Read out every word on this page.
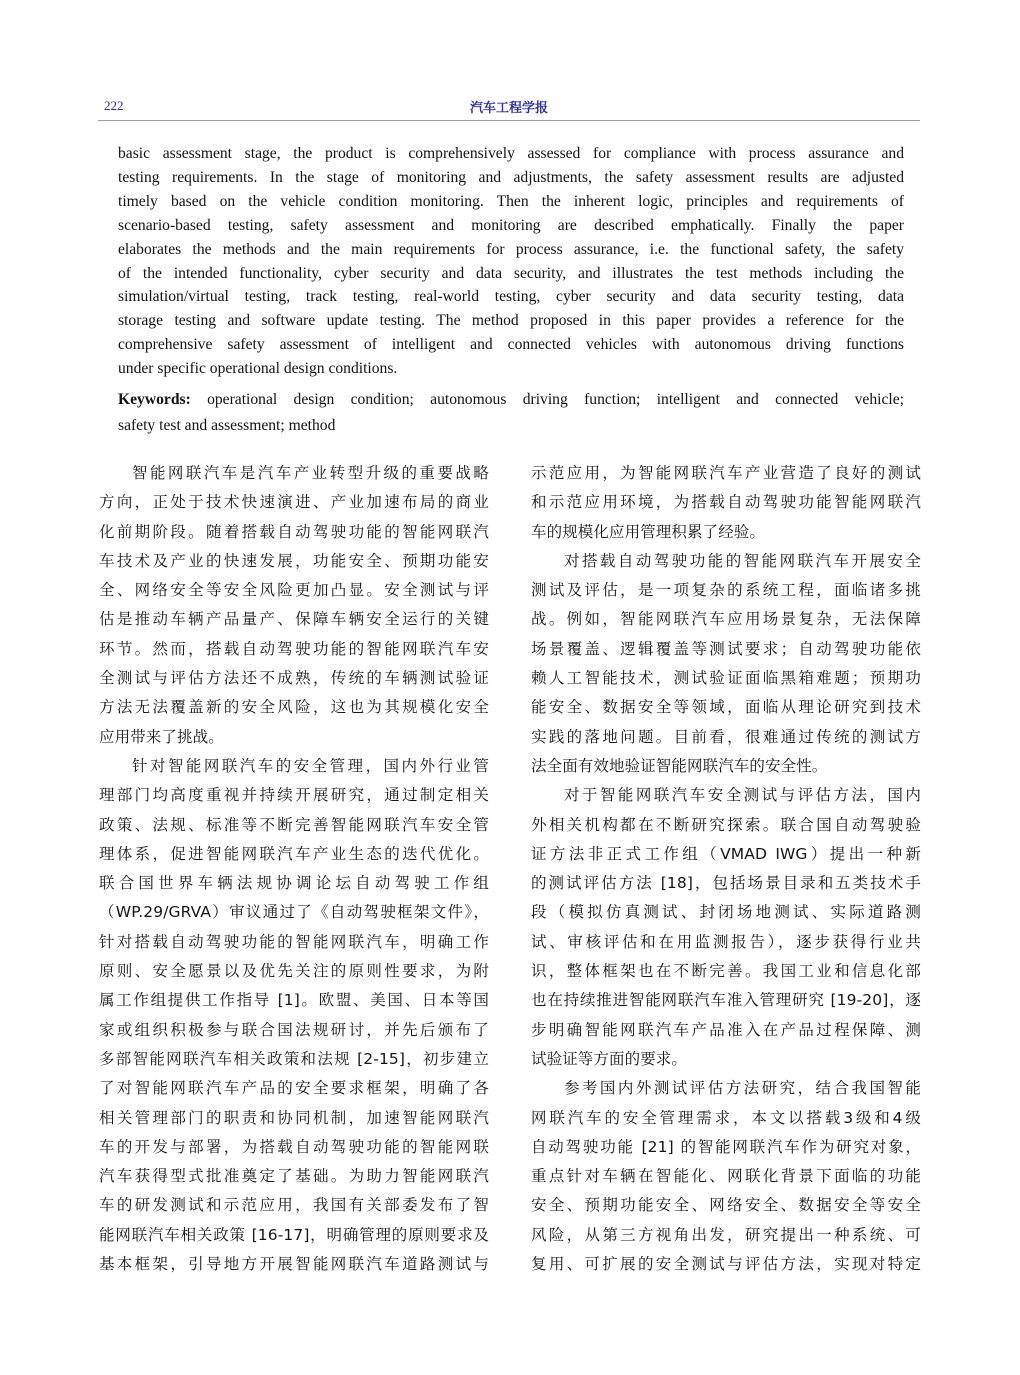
222	汽车工程学报
basic assessment stage, the product is comprehensively assessed for compliance with process assurance and
testing requirements. In the stage of monitoring and adjustments, the safety assessment results are adjusted
timely based on the vehicle condition monitoring. Then the inherent logic, principles and requirements of
scenario-based testing, safety assessment and monitoring are described emphatically. Finally the paper
elaborates the methods and the main requirements for process assurance, i.e. the functional safety, the safety
of the intended functionality, cyber security and data security, and illustrates the test methods including the
simulation/virtual testing, track testing, real-world testing, cyber security and data security testing, data
storage testing and software update testing. The method proposed in this paper provides a reference for the
comprehensive safety assessment of intelligent and connected vehicles with autonomous driving functions
under specific operational design conditions.
Keywords: operational design condition; autonomous driving function; intelligent and connected vehicle;
safety test and assessment; method
智能网联汽车是汽车产业转型升级的重要战略
方向，正处于技术快速演进、产业加速布局的商业
化前期阶段。随着搭载自动驾驶功能的智能网联汽
车技术及产业的快速发展，功能安全、预期功能安
全、网络安全等安全风险更加凸显。安全测试与评
估是推动车辆产品量产、保障车辆安全运行的关键
环节。然而，搭载自动驾驶功能的智能网联汽车安
全测试与评估方法还不成熟，传统的车辆测试验证
方法无法覆盖新的安全风险，这也为其规模化安全
应用带来了挑战。
针对智能网联汽车的安全管理，国内外行业管
理部门均高度重视并持续开展研究，通过制定相关
政策、法规、标准等不断完善智能网联汽车安全管
理体系，促进智能网联汽车产业生态的迭代优化。
联合国世界车辆法规协调论坛自动驾驶工作组
（WP.29/GRVA）审议通过了《自动驾驶框架文件》，
针对搭载自动驾驶功能的智能网联汽车，明确工作
原则、安全愿景以及优先关注的原则性要求，为附
属工作组提供工作指导 [1]。欧盟、美国、日本等国
家或组织积极参与联合国法规研讨，并先后颁布了
多部智能网联汽车相关政策和法规 [2-15]，初步建立
了对智能网联汽车产品的安全要求框架，明确了各
相关管理部门的职责和协同机制，加速智能网联汽
车的开发与部署，为搭载自动驾驶功能的智能网联
汽车获得型式批准奠定了基础。为助力智能网联汽
车的研发测试和示范应用，我国有关部委发布了智
能网联汽车相关政策 [16-17]，明确管理的原则要求及
基本框架，引导地方开展智能网联汽车道路测试与
示范应用，为智能网联汽车产业营造了良好的测试
和示范应用环境，为搭载自动驾驶功能智能网联汽
车的规模化应用管理积累了经验。
对搭载自动驾驶功能的智能网联汽车开展安全
测试及评估，是一项复杂的系统工程，面临诸多挑
战。例如，智能网联汽车应用场景复杂，无法保障
场景覆盖、逻辑覆盖等测试要求；自动驾驶功能依
赖人工智能技术，测试验证面临黑箱难题；预期功
能安全、数据安全等领域，面临从理论研究到技术
实践的落地问题。目前看，很难通过传统的测试方
法全面有效地验证智能网联汽车的安全性。
对于智能网联汽车安全测试与评估方法，国内
外相关机构都在不断研究探索。联合国自动驾驶验
证方法非正式工作组（VMAD IWG）提出一种新
的测试评估方法 [18]，包括场景目录和五类技术手
段（模拟仿真测试、封闭场地测试、实际道路测
试、审核评估和在用监测报告），逐步获得行业共
识，整体框架也在不断完善。我国工业和信息化部
也在持续推进智能网联汽车准入管理研究 [19-20]，逐
步明确智能网联汽车产品准入在产品过程保障、测
试验证等方面的要求。
参考国内外测试评估方法研究，结合我国智能
网联汽车的安全管理需求，本文以搭载3级和4级
自动驾驶功能 [21] 的智能网联汽车作为研究对象，
重点针对车辆在智能化、网联化背景下面临的功能
安全、预期功能安全、网络安全、数据安全等安全
风险，从第三方视角出发，研究提出一种系统、可
复用、可扩展的安全测试与评估方法，实现对特定
